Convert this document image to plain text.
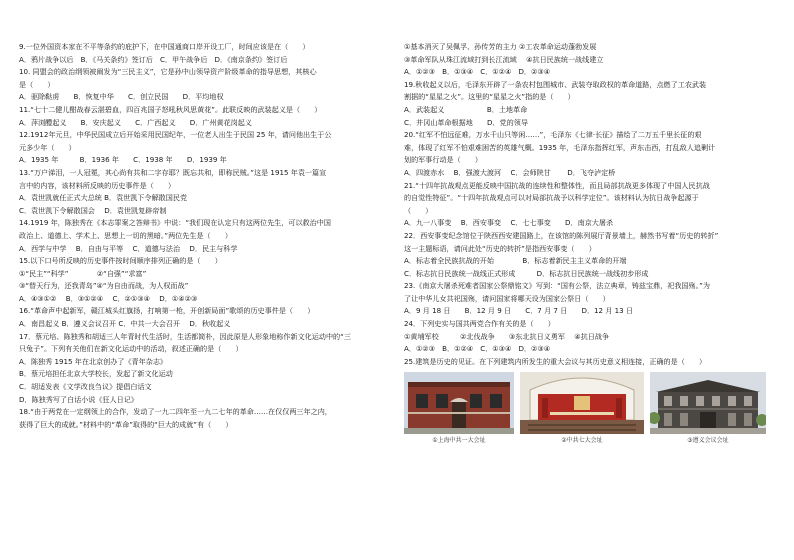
9.一位外国资本家在不平等条约的庇护下，在中国通商口岸开设工厂，时间应该是在（　　）
A．鸦片战争以后　B．《马关条约》签订后　C．甲午战争后　D．《南京条约》签订后
10. 同盟会的政治纲领被阐发为“三民主义”，它是孙中山领导资产阶级革命的指导思想，其核心
是（　　）
A．驱除鞑虏　　B．恢复中华　　C．创立民国　　D．平均地权
11.“七十二健儿酣战春云湛碧血，四百兆国子怒吼秋风思黄花”。此联反映的武装起义是（　　）
A．萍浏醴起义　　B．安庆起义　　C．广西起义　　D．广州黄花岗起义
12.1912年元旦，中华民国成立后开始采用民国纪年，一位老人出生于民国 25 年，请问他出生于公
元多少年（　　）
A．1935 年　　　B．1936 年　　C．1938 年　　D．1939 年
13.“万户涕泪，一人冠冕，其心尚有共和二字存耶？既忘共和，即称民贼。”这是 1915 年袁一篇宣
言中的内容，该材料所反映的历史事件是（　　）
A．袁世凯就任正式大总统 B．袁世凯下令解散国民党
C．袁世凯下令解散国会　 D．袁世凯复辟帝制
14.1919 年，陈独秀在《本志罪案之答辩书》中说：“我们现在认定只有这两位先生，可以救治中国
政治上、道德上、学术上、思想上一切的黑暗。”两位先生是（　　）
A．西学与中学　 B．自由与平等　 C．道德与法治　 D．民主与科学
15.以下口号所反映的历史事件按时间顺序排列正确的是（　　）
①“民主”“科学”　　　　②“自强”“求富”
③“替天行为，还我青岛”④“为自由而战，为人权而战”
A．④③①②　 B．③①②④　 C．②①③④　 D．①④②③
16.“革命声中起新军，赣江城头红旗扬，打响第一枪，开创新局面”歌颂的历史事件是（　　）
A．南昌起义 B．遵义会议召开 C．中共一大会召开　 D．秋收起义
17．蔡元培、陈独秀和胡适三人年青时代生活时，生活都简朴，因此原是人形象地称作新文化运动中的“三
只兔子”。下列有关他们在新文化运动中的活动，叙述正确的是（　　）
A．陈独秀 1915 年在北京创办了《青年杂志》
B．蔡元培担任北京大学校长，发起了新文化运动
C．胡适发表《文学改良刍议》提倡白话文
D．陈独秀写了白话小说《狂人日记》
18.“由于两党在一定纲领上的合作，发动了一九二四年至一九二七年的革命……在仅仅两三年之内，
获得了巨大的成就。”材料中的“革命”取得的“巨大的成就”有（　　）
①基本消灭了吴佩孚、孙传芳的主力 ②工农革命运动蓬勃发展
③革命军队从珠江流域打到长江流域　 ④抗日民族统一战线建立
A．①②③　B．①③④　C．①②④　D．②③④
19.秋收起义以后，毛泽东开辟了一条农村包围城市、武装夺取政权的革命道路，点燃了工农武装
割据的“星星之火”。这里的“星星之火”指的是（　　）
A．武装起义　　　　　　B．土地革命
C．井冈山革命根据地　　D．党的领导
20.“红军不怕远征难，万水千山只等闲……”，毛泽东《七律·长征》描绘了二万五千里长征的艰
难，体现了红军不怕艰难困苦的英雄气概。1935 年，毛泽东指挥红军，声东击西，打乱敌人追剿计
划的军事行动是（　　）
A．四渡赤水　 B．强渡大渡河　 C．会师陕甘　　 D．飞夺泸定桥
21.“十四年抗战观点更能反映中国抗战的连续性和整体性，而且局部抗战更多体现了中国人民抗战
的自觉性特征”。“十四年抗战观点可以对局部抗战予以科学定位”。该材料认为抗日战争起源于
（　　）
A．九一八事变　 B．西安事变　 C．七七事变　　D．南京大屠杀
22．西安事变纪念馆位于陕西西安建国路上，在该馆的陈列展厅背景墙上，赫然书写着“历史的转折”
这一主题标语，请问此处“历史的转折”是指西安事变（　　）
A．标志着全民族抗战的开始　　　　B．标志着新民主主义革命的开端
C．标志抗日民族统一战线正式形成　　　D．标志抗日民族统一战线初步形成
23.《南京大屠杀死难者国家公祭鼎铭文》写到：“国有公祭，法立典章，铸兹宝鼎，祀我国殇。”为
了让中华儿女共祀国殇，请问国家将哪天设为国家公祭日（　　）
A．9 月 18 日　　B．12 月 9 日　　C．7 月 7 日　　D．12 月 13 日
24．下列史实与国共两党合作有关的是（　　）
①黄埔军校　　　②北伐战争　　③东北抗日义勇军　 ④抗日战争
A．①②③　B．①②④　C．①③④　D．②③④
25.建筑是历史的见证。在下列建筑内所发生的重大会议与其历史意义相连接，正确的是（　　）
①上海中共一大会址	②中共七大会址	③遵义会议会址
